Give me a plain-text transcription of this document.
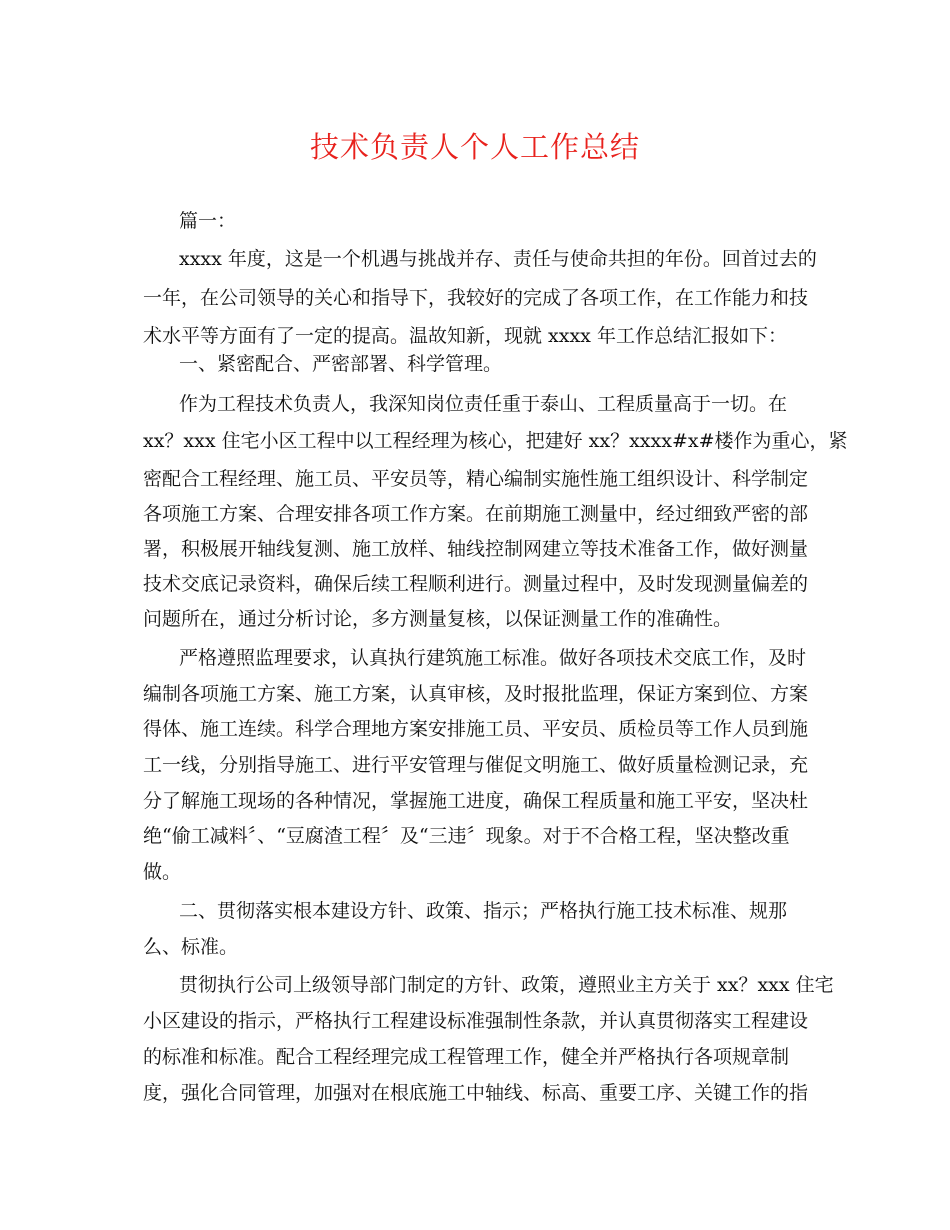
技术负责人个人工作总结
篇一：
xxxx 年度，这是一个机遇与挑战并存、责任与使命共担的年份。回首过去的
一年，在公司领导的关心和指导下，我较好的完成了各项工作，在工作能力和技
术水平等方面有了一定的提高。温故知新，现就 xxxx 年工作总结汇报如下：
一、紧密配合、严密部署、科学管理。
作为工程技术负责人，我深知岗位责任重于泰山、工程质量高于一切。在
xx？xxx 住宅小区工程中以工程经理为核心，把建好 xx？xxxx#x#楼作为重心，紧
密配合工程经理、施工员、平安员等，精心编制实施性施工组织设计、科学制定
各项施工方案、合理安排各项工作方案。在前期施工测量中，经过细致严密的部
署，积极展开轴线复测、施工放样、轴线控制网建立等技术准备工作，做好测量
技术交底记录资料，确保后续工程顺利进行。测量过程中，及时发现测量偏差的
问题所在，通过分析讨论，多方测量复核，以保证测量工作的准确性。
严格遵照监理要求，认真执行建筑施工标准。做好各项技术交底工作，及时
编制各项施工方案、施工方案，认真审核，及时报批监理，保证方案到位、方案
得体、施工连续。科学合理地方案安排施工员、平安员、质检员等工作人员到施
工一线，分别指导施工、进行平安管理与催促文明施工、做好质量检测记录，充
分了解施工现场的各种情况，掌握施工进度，确保工程质量和施工平安，坚决杜
绝“偷工减料〞、“豆腐渣工程〞及“三违〞现象。对于不合格工程，坚决整改重
做。
二、贯彻落实根本建设方针、政策、指示；严格执行施工技术标准、规那
么、标准。
贯彻执行公司上级领导部门制定的方针、政策，遵照业主方关于 xx？xxx 住宅
小区建设的指示，严格执行工程建设标准强制性条款，并认真贯彻落实工程建设
的标准和标准。配合工程经理完成工程管理工作，健全并严格执行各项规章制
度，强化合同管理，加强对在根底施工中轴线、标高、重要工序、关键工作的指
